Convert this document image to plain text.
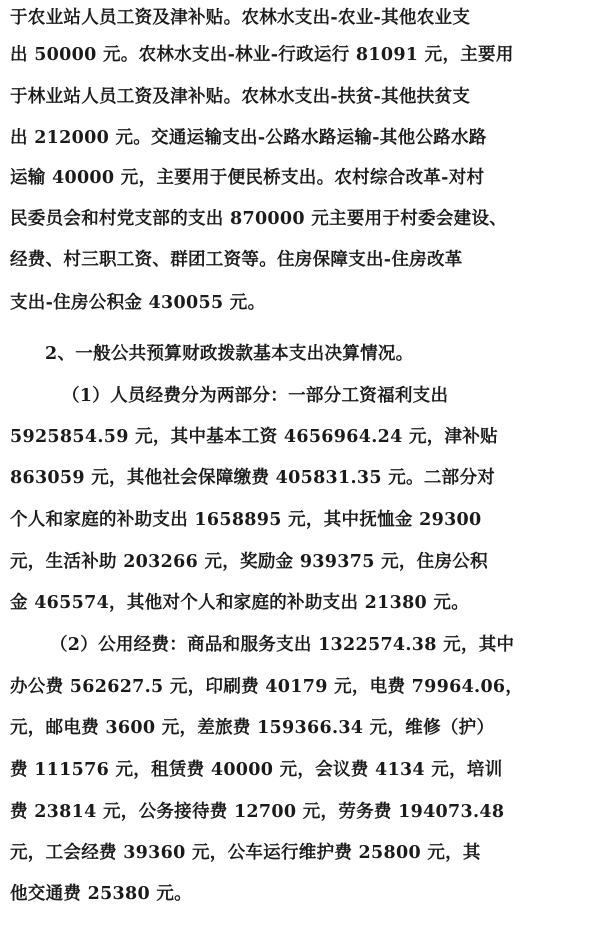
于农业站人员工资及津补贴。农林水支出-农业-其他农业支
出 50000 元。农林水支出-林业-行政运行 81091 元，主要用
于林业站人员工资及津补贴。农林水支出-扶贫-其他扶贫支
出 212000 元。交通运输支出-公路水路运输-其他公路水路
运输 40000 元，主要用于便民桥支出。农村综合改革-对村
民委员会和村党支部的支出 870000 元主要用于村委会建设、
经费、村三职工资、群团工资等。住房保障支出-住房改革
支出-住房公积金 430055 元。
2、一般公共预算财政拨款基本支出决算情况。
（1）人员经费分为两部分：一部分工资福利支出
5925854.59 元，其中基本工资 4656964.24 元，津补贴
863059 元，其他社会保障缴费 405831.35 元。二部分对
个人和家庭的补助支出 1658895 元，其中抚恤金 29300
元，生活补助 203266 元，奖励金 939375 元，住房公积
金 465574，其他对个人和家庭的补助支出 21380 元。
（2）公用经费：商品和服务支出 1322574.38 元，其中
办公费 562627.5 元，印刷费 40179 元，电费 79964.06，
元，邮电费 3600 元，差旅费 159366.34 元，维修（护）
费 111576 元，租赁费 40000 元，会议费 4134 元，培训
费 23814 元，公务接待费 12700 元，劳务费 194073.48
元，工会经费 39360 元，公车运行维护费 25800 元，其
他交通费 25380 元。
